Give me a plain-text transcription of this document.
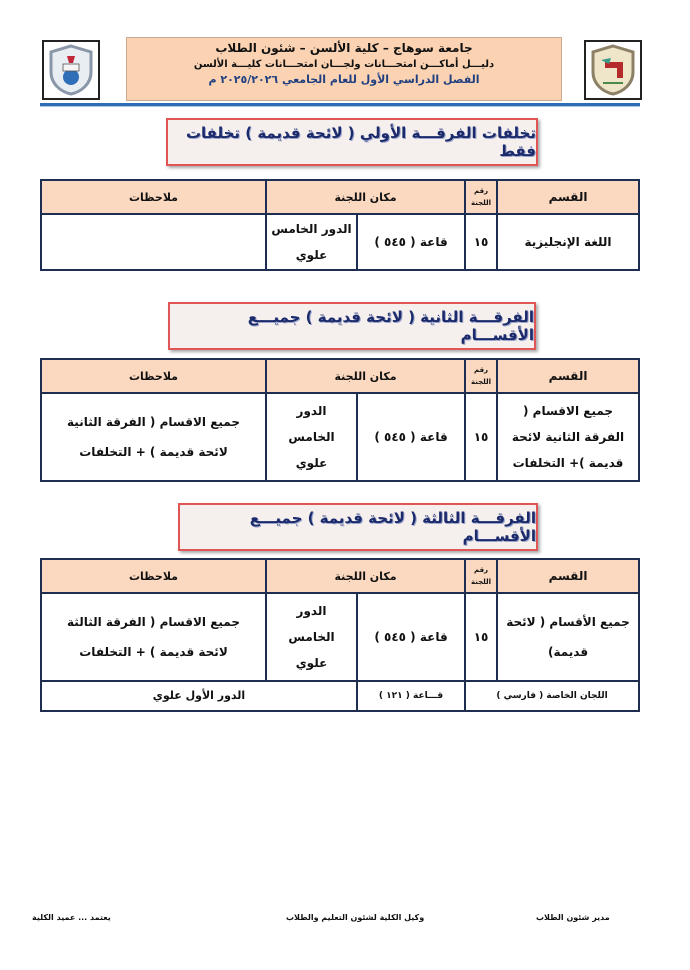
جامعة سوهاج – كلية الألسن – شئون الطلاب
دليـــل أماكـــن امتحـــانات ولجـــان امتحـــانات كليـــة الألسن
الفصل الدراسي الأول للعام الجامعي ٢٠٢٥/٢٠٢٦ م
تخلفات الفرقـــة الأولي ( لائحة قديمة ) تخلفات فقط
القسم	رقم اللجنة	مكان اللجنة		ملاحظات
اللغة الإنجليزية	١٥	قاعة ( ٥٤٥ )	الدور الخامس علوي	
الفرقـــة الثانية ( لائحة قديمة ) جميـــع الأقســـام
القسم	رقم اللجنة	مكان اللجنة		ملاحظات
جميع الاقسام ( الفرقة الثانية لائحة قديمة )+ التخلفات	١٥	قاعة ( ٥٤٥ )	الدور الخامس علوي	جميع الاقسام ( الفرقة الثانية لائحة قديمة ) + التخلفات
الفرقـــة الثالثة ( لائحة قديمة ) جميـــع الأقســـام
القسم	رقم اللجنة	مكان اللجنة		ملاحظات
جميع الأقسام ( لائحة قديمة)	١٥	قاعة ( ٥٤٥ )	الدور الخامس علوي	جميع الاقسام ( الفرقة الثالثة لائحة قديمة ) + التخلفات
اللجان الخاصة ( فارسي )		قـــاعة ( ١٢١ )	الدور الأول علوي	
يعتمد ... عميد الكلية	وكيل الكلية لشئون التعليم والطلاب	مدير شئون الطلاب
